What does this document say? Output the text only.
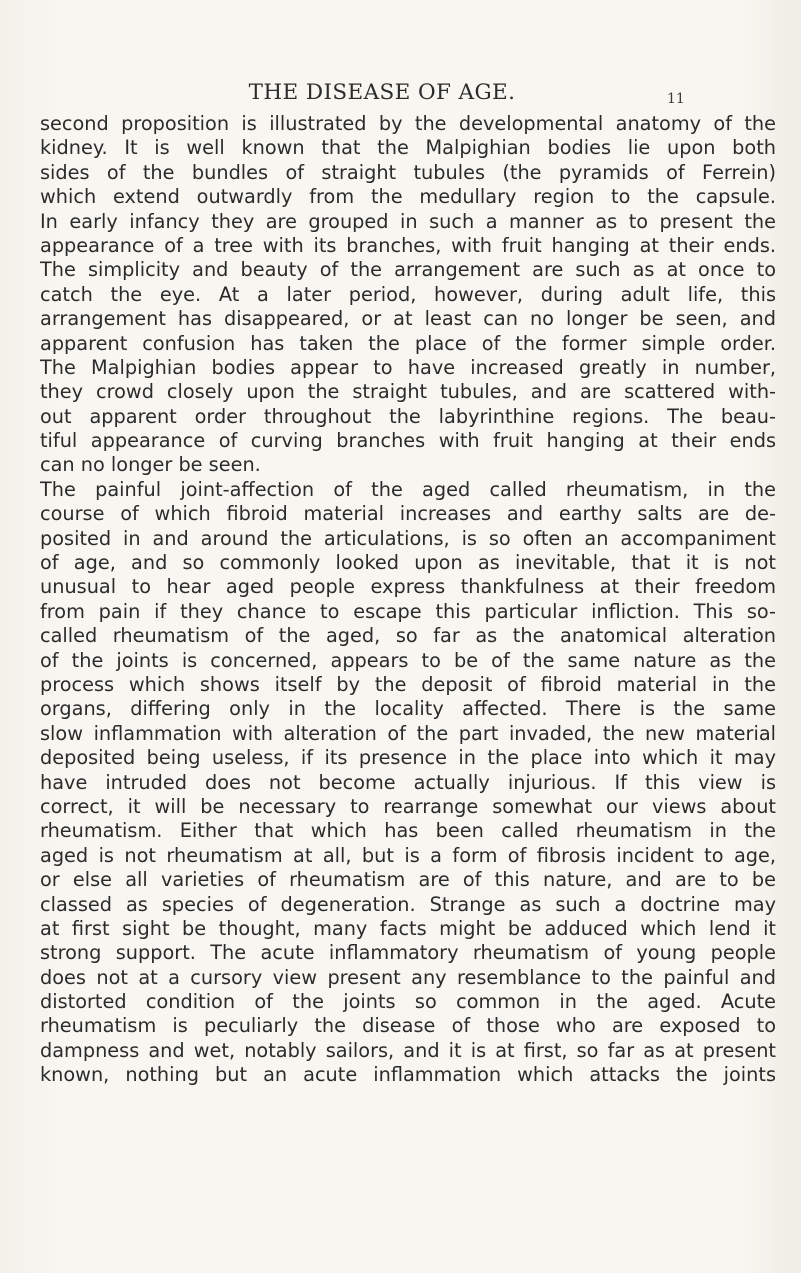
THE DISEASE OF AGE.	11
second proposition is illustrated by the developmental anatomy of the
kidney. It is well known that the Malpighian bodies lie upon both
sides of the bundles of straight tubules (the pyramids of Ferrein)
which extend outwardly from the medullary region to the capsule.
In early infancy they are grouped in such a manner as to present the
appearance of a tree with its branches, with fruit hanging at their ends.
The simplicity and beauty of the arrangement are such as at once to
catch the eye. At a later period, however, during adult life, this
arrangement has disappeared, or at least can no longer be seen, and
apparent confusion has taken the place of the former simple order.
The Malpighian bodies appear to have increased greatly in number,
they crowd closely upon the straight tubules, and are scattered with-
out apparent order throughout the labyrinthine regions. The beau-
tiful appearance of curving branches with fruit hanging at their ends
can no longer be seen.
The painful joint-affection of the aged called rheumatism, in the
course of which fibroid material increases and earthy salts are de-
posited in and around the articulations, is so often an accompaniment
of age, and so commonly looked upon as inevitable, that it is not
unusual to hear aged people express thankfulness at their freedom
from pain if they chance to escape this particular infliction. This so-
called rheumatism of the aged, so far as the anatomical alteration
of the joints is concerned, appears to be of the same nature as the
process which shows itself by the deposit of fibroid material in the
organs, differing only in the locality affected. There is the same
slow inflammation with alteration of the part invaded, the new material
deposited being useless, if its presence in the place into which it may
have intruded does not become actually injurious. If this view is
correct, it will be necessary to rearrange somewhat our views about
rheumatism. Either that which has been called rheumatism in the
aged is not rheumatism at all, but is a form of fibrosis incident to age,
or else all varieties of rheumatism are of this nature, and are to be
classed as species of degeneration. Strange as such a doctrine may
at first sight be thought, many facts might be adduced which lend it
strong support. The acute inflammatory rheumatism of young people
does not at a cursory view present any resemblance to the painful and
distorted condition of the joints so common in the aged. Acute
rheumatism is peculiarly the disease of those who are exposed to
dampness and wet, notably sailors, and it is at first, so far as at present
known, nothing but an acute inflammation which attacks the joints
